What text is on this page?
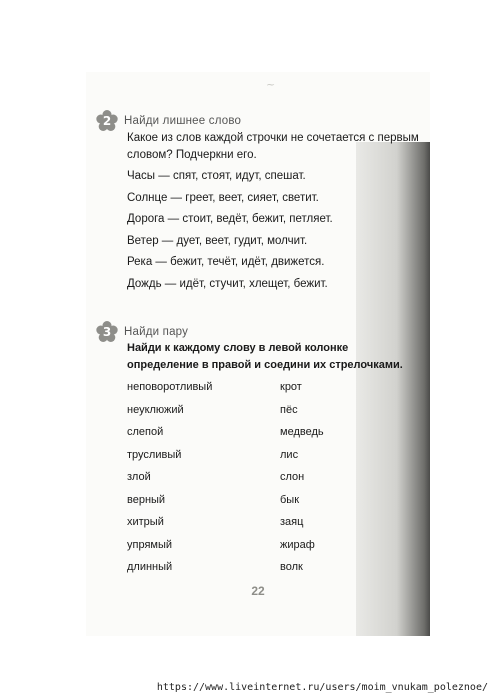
~
2	Найди лишнее слово
Какое из слов каждой строчки не сочетается с первым словом? Подчеркни его.
Часы — спят, стоят, идут, спешат.
Солнце — греет, веет, сияет, светит.
Дорога — стоит, ведёт, бежит, петляет.
Ветер — дует, веет, гудит, молчит.
Река — бежит, течёт, идёт, движется.
Дождь — идёт, стучит, хлещет, бежит.
3	Найди пару
Найди к каждому слову в левой колонке определение в правой и соедини их стрелочками.
неповоротливый	крот
неуклюжий	пёс
слепой	медведь
трусливый	лис
злой	слон
верный	бык
хитрый	заяц
упрямый	жираф
длинный	волк
22
https://www.liveinternet.ru/users/moim_vnukam_poleznoe/
